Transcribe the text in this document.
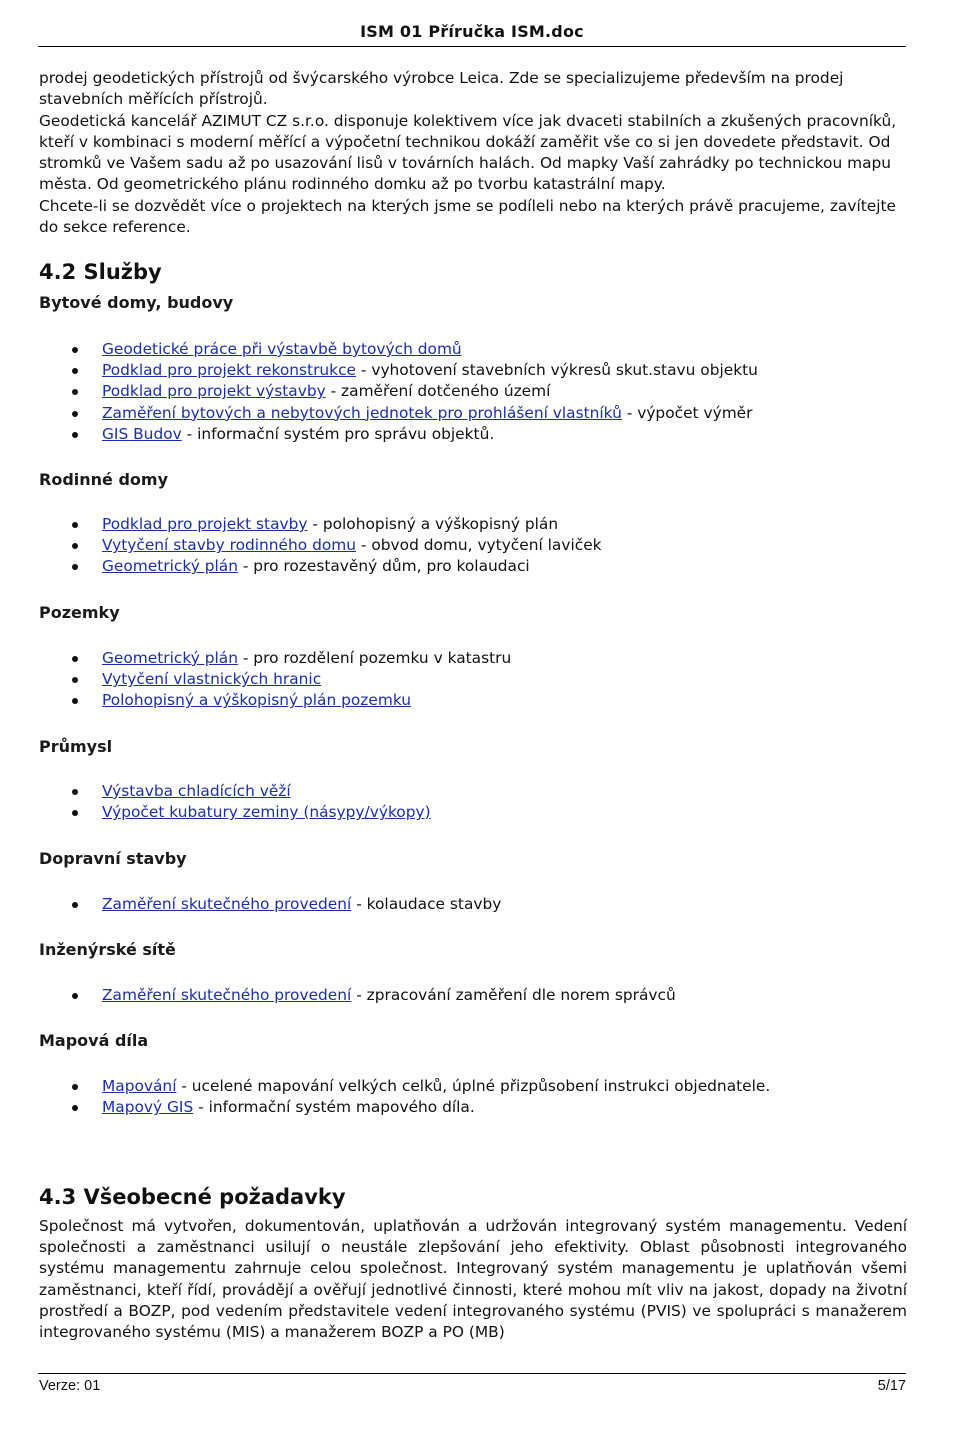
ISM 01 Příručka ISM.doc

prodej geodetických přístrojů od švýcarského výrobce Leica. Zde se specializujeme především na prodej

stavebních měřících přístrojů.

Geodetická kancelář AZIMUT CZ s.r.o. disponuje kolektivem více jak dvaceti stabilních a zkušených pracovníků,

kteří v kombinaci s moderní měřící a výpočetní technikou dokáží zaměřit vše co si jen dovedete představit. Od

stromků ve Vašem sadu až po usazování lisů v továrních halách. Od mapky Vaší zahrádky po technickou mapu

města. Od geometrického plánu rodinného domku až po tvorbu katastrální mapy.

Chcete-li se dozvědět více o projektech na kterých jsme se podíleli nebo na kterých právě pracujeme, zavítejte

do sekce reference.

4.2 Služby
Bytové domy, budovy
Geodetické práce při výstavbě bytových domů
Podklad pro projekt rekonstrukce - vyhotovení stavebních výkresů skut.stavu objektu
Podklad pro projekt výstavby - zaměření dotčeného území
Zaměření bytových a nebytových jednotek pro prohlášení vlastníků - výpočet výměr
GIS Budov - informační systém pro správu objektů.
Rodinné domy
Podklad pro projekt stavby - polohopisný a výškopisný plán
Vytyčení stavby rodinného domu - obvod domu, vytyčení laviček
Geometrický plán - pro rozestavěný dům, pro kolaudaci
Pozemky
Geometrický plán - pro rozdělení pozemku v katastru
Vytyčení vlastnických hranic
Polohopisný a výškopisný plán pozemku
Průmysl
Výstavba chladících věží
Výpočet kubatury zeminy (násypy/výkopy)
Dopravní stavby
Zaměření skutečného provedení - kolaudace stavby
Inženýrské sítě
Zaměření skutečného provedení - zpracování zaměření dle norem správců
Mapová díla
Mapování - ucelené mapování velkých celků, úplné přizpůsobení instrukci objednatele.
Mapový GIS - informační systém mapového díla.
4.3 Všeobecné požadavky

Společnost má vytvořen, dokumentován, uplatňován a udržován integrovaný systém managementu. Vedení společnosti a zaměstnanci usilují o neustále zlepšování jeho efektivity. Oblast působnosti integrovaného systému managementu zahrnuje celou společnost. Integrovaný systém managementu je uplatňován všemi zaměstnanci, kteří řídí, provádějí a ověřují jednotlivé činnosti, které mohou mít vliv na jakost, dopady na životní prostředí a BOZP, pod vedením představitele vedení integrovaného systému (PVIS) ve spolupráci s manažerem integrovaného systému (MIS) a manažerem BOZP a PO (MB)

Verze: 01	5/17
